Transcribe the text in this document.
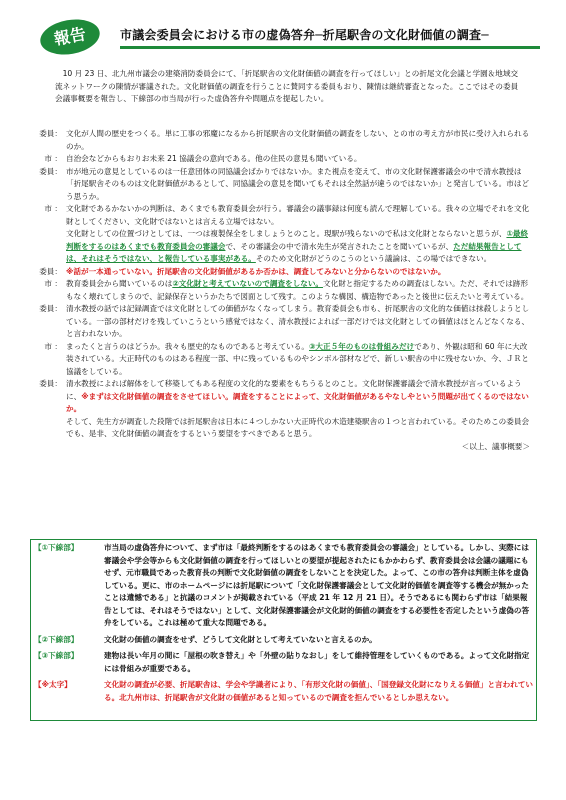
報告	市議会委員会における市の虚偽答弁─折尾駅舎の文化財価値の調査─
10 月 23 日、北九州市議会の建築消防委員会にて、「折尾駅舎の文化財価値の調査を行ってほしい」との折尾文化会議と学園＆地域交流ネットワークの陳情が審議された。文化財価値の調査を行うことに賛同する委員もおり、陳情は継続審査となった。ここではその委員会議事概要を報告し、下線部の市当局が行った虚偽答弁や問題点を提起したい。
委員： 文化が人間の歴史をつくる。単に工事の邪魔になるから折尾駅舎の文化財価値の調査をしない、との市の考え方が市民に受け入れられるのか。
市 ： 自治会などからもおりお未来 21 協議会の意向である。他の住民の意見も聞いている。
委員： 市が地元の意見としているのは一任意団体の同協議会ばかりではないか。また視点を変えて、市の文化財保護審議会の中で清水教授は「折尾駅舎そのものは文化財価値があるとして、同協議会の意見を聞いてもそれは全然話が違うのではないか」と発言している。市はどう思うか。
市 ： 文化財であるかないかの判断は、あくまでも教育委員会が行う。審議会の議事録は何度も読んで理解している。我々の立場でそれを文化財としてください、文化財ではないとは言える立場ではない。
文化財としての位置づけとしては、一つは複製保全をしましょうとのこと。現駅が残らないので私は文化財とならないと思うが、①最終判断をするのはあくまでも教育委員会の審議会で、その審議会の中で清水先生が発言されたことを聞いているが、ただ結果報告としては、それはそうではない、と報告している事実がある。そのため文化財がどうのこうのという議論は、この場ではできない。
委員： ※話が一本通っていない。折尾駅舎の文化財価値があるか否かは、調査してみないと分からないのではないか。
市 ： 教育委員会から聞いているのは②文化財と考えていないので調査をしない。文化財と指定するための調査はしない。ただ、それでは跡形もなく壊れてしまうので、記録保存というかたちで図面として残す。このような構図、構造物であったと後世に伝えたいと考えている。
委員： 清水教授の話では記録調査では文化財としての価値がなくなってしまう。教育委員会も市も、折尾駅舎の文化的な価値は抹殺しようとしている。一部の部材だけを残していこうという感覚ではなく、清水教授によれば一部だけでは文化財としての価値はほとんどなくなる、と言われないか。
市 ： まったくと言うのはどうか。我々も歴史的なものであると考えている。③大正５年のものは骨組みだけであり、外観は昭和 60 年に大改装されている。大正時代のものはある程度一部、中に残っているものやシンボル部材などで、新しい駅舎の中に残せないか、今、ＪＲと協議をしている。
委員： 清水教授によれば解体をして移築してもある程度の文化的な要素をもちうるとのこと。文化財保護審議会で清水教授が言っているように、※まずは文化財価値の調査をさせてほしい。調査をすることによって、文化財価値があるやなしやという問題が出てくるのではないか。
そして、先生方が調査した段階では折尾駅舎は日本に４つしかない大正時代の木造建築駅舎の１つと言われている。そのためこの委員会でも、是非、文化財価値の調査をするという要望をすべきであると思う。
＜以上、議事概要＞
【①下線部】	市当局の虚偽答弁について、まず市は「最終判断をするのはあくまでも教育委員会の審議会」としている。しかし、実際には審議会や学会等からも文化財価値の調査を行ってほしいとの要望が提起されたにもかかわらず、教育委員会は会議の議題にもせず、元市職員であった教育長の判断で文化財価値の調査をしないことを決定した。よって、この市の答弁は判断主体を虚偽している。更に、市のホームページには折尾駅について「文化財保護審議会として文化財的価値を調査等する機会が無かったことは遺憾である」と抗議のコメントが掲載されている（平成 21 年 12 月 21 日）。そうであるにも関わらず市は「結果報告としては、それはそうではない」として、文化財保護審議会が文化財的価値の調査をする必要性を否定したという虚偽の答弁をしている。これは極めて重大な問題である。
【②下線部】	文化財の価値の調査をせず、どうして文化財として考えていないと言えるのか。
【③下線部】	建物は長い年月の間に「屋根の吹き替え」や「外壁の貼りなおし」をして維持管理をしていくものである。よって文化財指定には骨組みが重要である。
【※太字】	文化財の調査が必要、折尾駅舎は、学会や学識者により、「有形文化財の価値」、「国登録文化財になりえる価値」と言われている。北九州市は、折尾駅舎が文化財の価値があると知っているので調査を拒んでいるとしか思えない。
